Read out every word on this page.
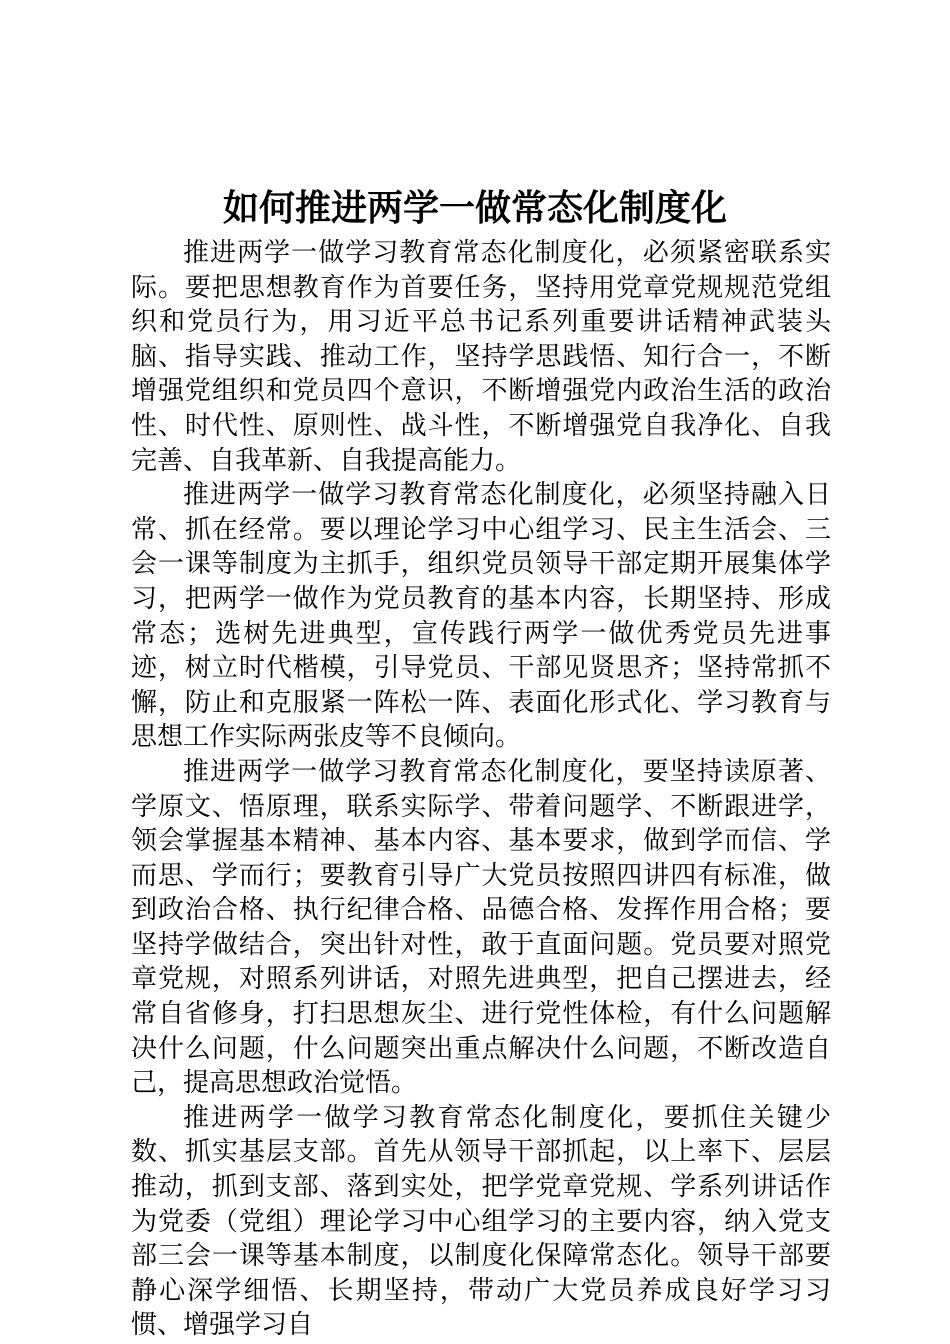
如何推进两学一做常态化制度化

推进两学一做学习教育常态化制度化，必须紧密联系实际。要把思想教育作为首要任务，坚持用党章党规规范党组织和党员行为，用习近平总书记系列重要讲话精神武装头脑、指导实践、推动工作，坚持学思践悟、知行合一，不断增强党组织和党员四个意识，不断增强党内政治生活的政治性、时代性、原则性、战斗性，不断增强党自我净化、自我完善、自我革新、自我提高能力。

推进两学一做学习教育常态化制度化，必须坚持融入日常、抓在经常。要以理论学习中心组学习、民主生活会、三会一课等制度为主抓手，组织党员领导干部定期开展集体学习，把两学一做作为党员教育的基本内容，长期坚持、形成常态；选树先进典型，宣传践行两学一做优秀党员先进事迹，树立时代楷模，引导党员、干部见贤思齐；坚持常抓不懈，防止和克服紧一阵松一阵、表面化形式化、学习教育与思想工作实际两张皮等不良倾向。

推进两学一做学习教育常态化制度化，要坚持读原著、学原文、悟原理，联系实际学、带着问题学、不断跟进学，领会掌握基本精神、基本内容、基本要求，做到学而信、学而思、学而行；要教育引导广大党员按照四讲四有标准，做到政治合格、执行纪律合格、品德合格、发挥作用合格；要坚持学做结合，突出针对性，敢于直面问题。党员要对照党章党规，对照系列讲话，对照先进典型，把自己摆进去，经常自省修身，打扫思想灰尘、进行党性体检，有什么问题解决什么问题，什么问题突出重点解决什么问题，不断改造自己，提高思想政治觉悟。

推进两学一做学习教育常态化制度化，要抓住关键少数、抓实基层支部。首先从领导干部抓起，以上率下、层层推动，抓到支部、落到实处，把学党章党规、学系列讲话作为党委（党组）理论学习中心组学习的主要内容，纳入党支部三会一课等基本制度，以制度化保障常态化。领导干部要静心深学细悟、长期坚持，带动广大党员养成良好学习习惯、增强学习自
